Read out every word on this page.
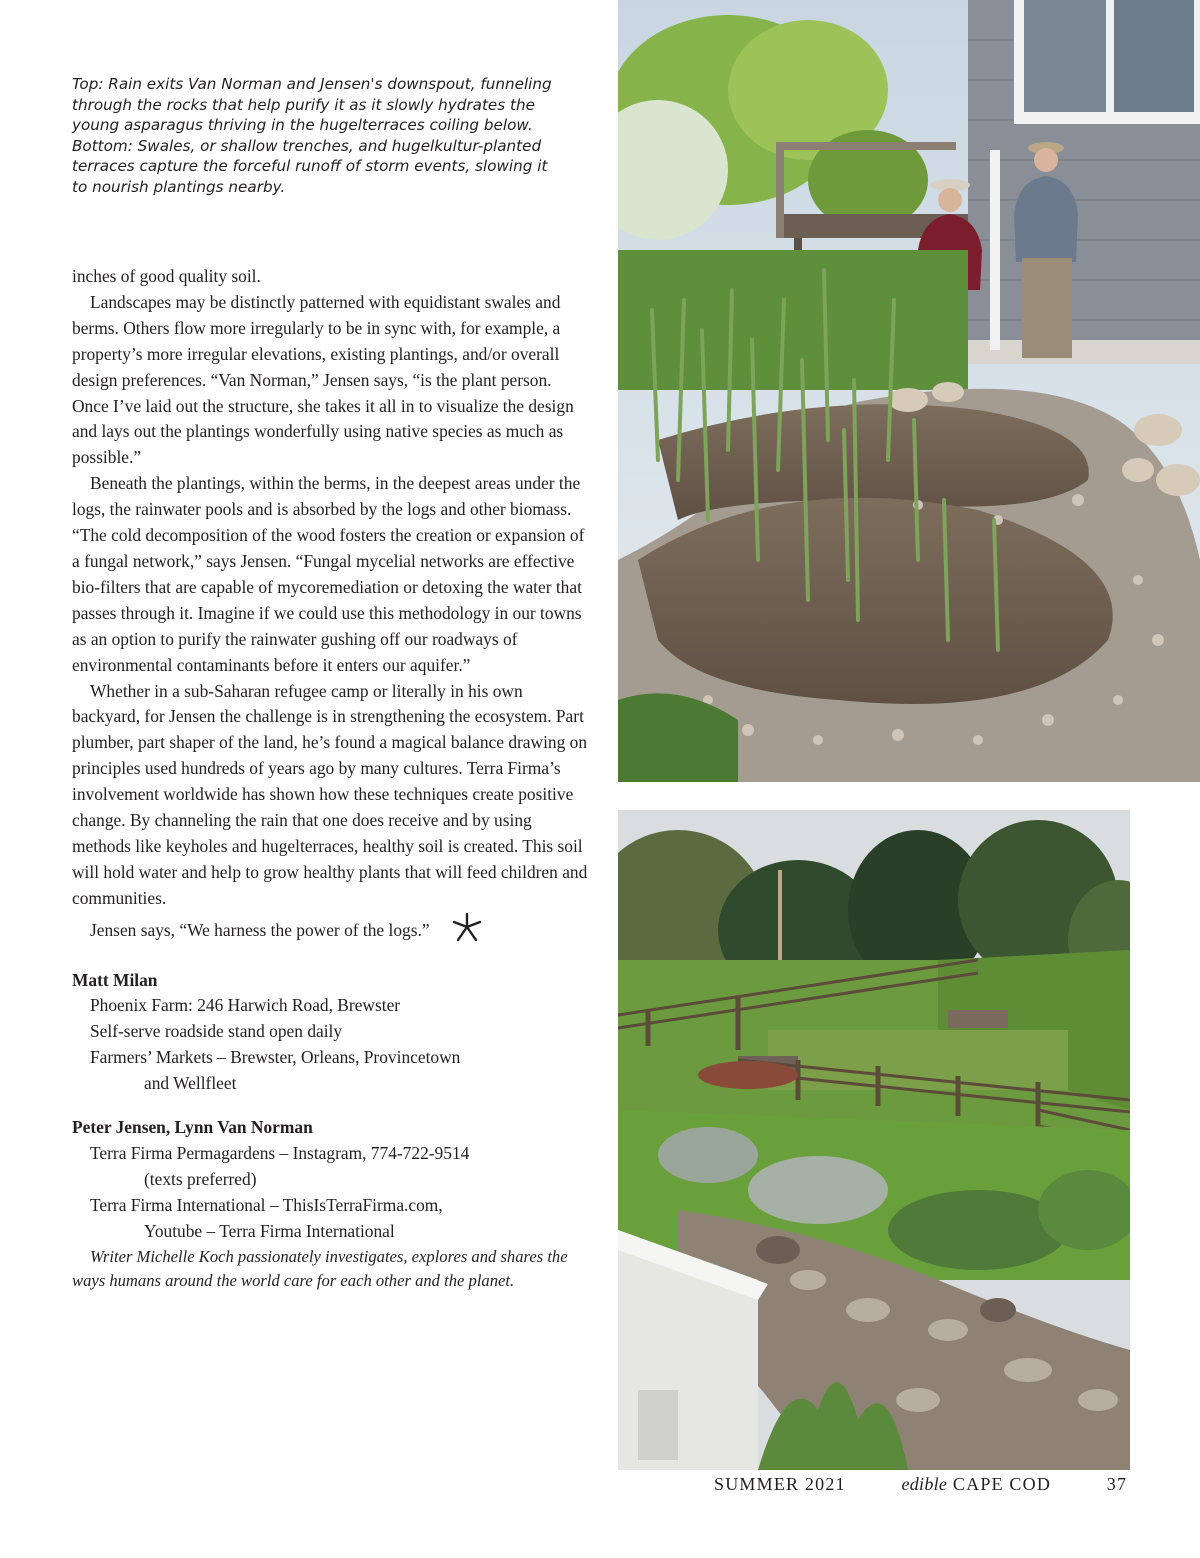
Top: Rain exits Van Norman and Jensen's downspout, funneling

through the rocks that help purify it as it slowly hydrates the

young asparagus thriving in the hugelterraces coiling below.

Bottom: Swales, or shallow trenches, and hugelkultur-planted

terraces capture the forceful runoff of storm events, slowing it

to nourish plantings nearby.

inches of good quality soil.

Landscapes may be distinctly patterned with equidistant swales and berms. Others flow more irregularly to be in sync with, for example, a property’s more irregular elevations, existing plantings, and/or overall design preferences. “Van Norman,” Jensen says, “is the plant person. Once I’ve laid out the structure, she takes it all in to visualize the design and lays out the plantings wonderfully using native species as much as possible.”

Beneath the plantings, within the berms, in the deepest areas under the logs, the rainwater pools and is absorbed by the logs and other biomass. “The cold decomposition of the wood fosters the creation or expansion of a fungal network,” says Jensen. “Fungal mycelial networks are effective bio-filters that are capable of mycoremediation or detoxing the water that passes through it. Imagine if we could use this methodology in our towns as an option to purify the rainwater gushing off our roadways of environmental contaminants before it enters our aquifer.”

Whether in a sub-Saharan refugee camp or literally in his own backyard, for Jensen the challenge is in strengthening the ecosystem. Part plumber, part shaper of the land, he’s found a magical balance drawing on principles used hundreds of years ago by many cultures. Terra Firma’s involvement worldwide has shown how these techniques create positive change. By channeling the rain that one does receive and by using methods like keyholes and hugelterraces, healthy soil is created. This soil will hold water and help to grow healthy plants that will feed children and communities.

Jensen says, “We harness the power of the logs.”

Matt Milan
Phoenix Farm: 246 Harwich Road, Brewster
Self-serve roadside stand open daily
Farmers’ Markets – Brewster, Orleans, Provincetown
and Wellfleet
Peter Jensen, Lynn Van Norman
Terra Firma Permagardens – Instagram, 774-722-9514
(texts preferred)
Terra Firma International – ThisIsTerraFirma.com,
Youtube – Terra Firma International

Writer Michelle Koch passionately investigates, explores and shares the ways humans around the world care for each other and the planet.

SUMMER 2021	edible CAPE COD	37
